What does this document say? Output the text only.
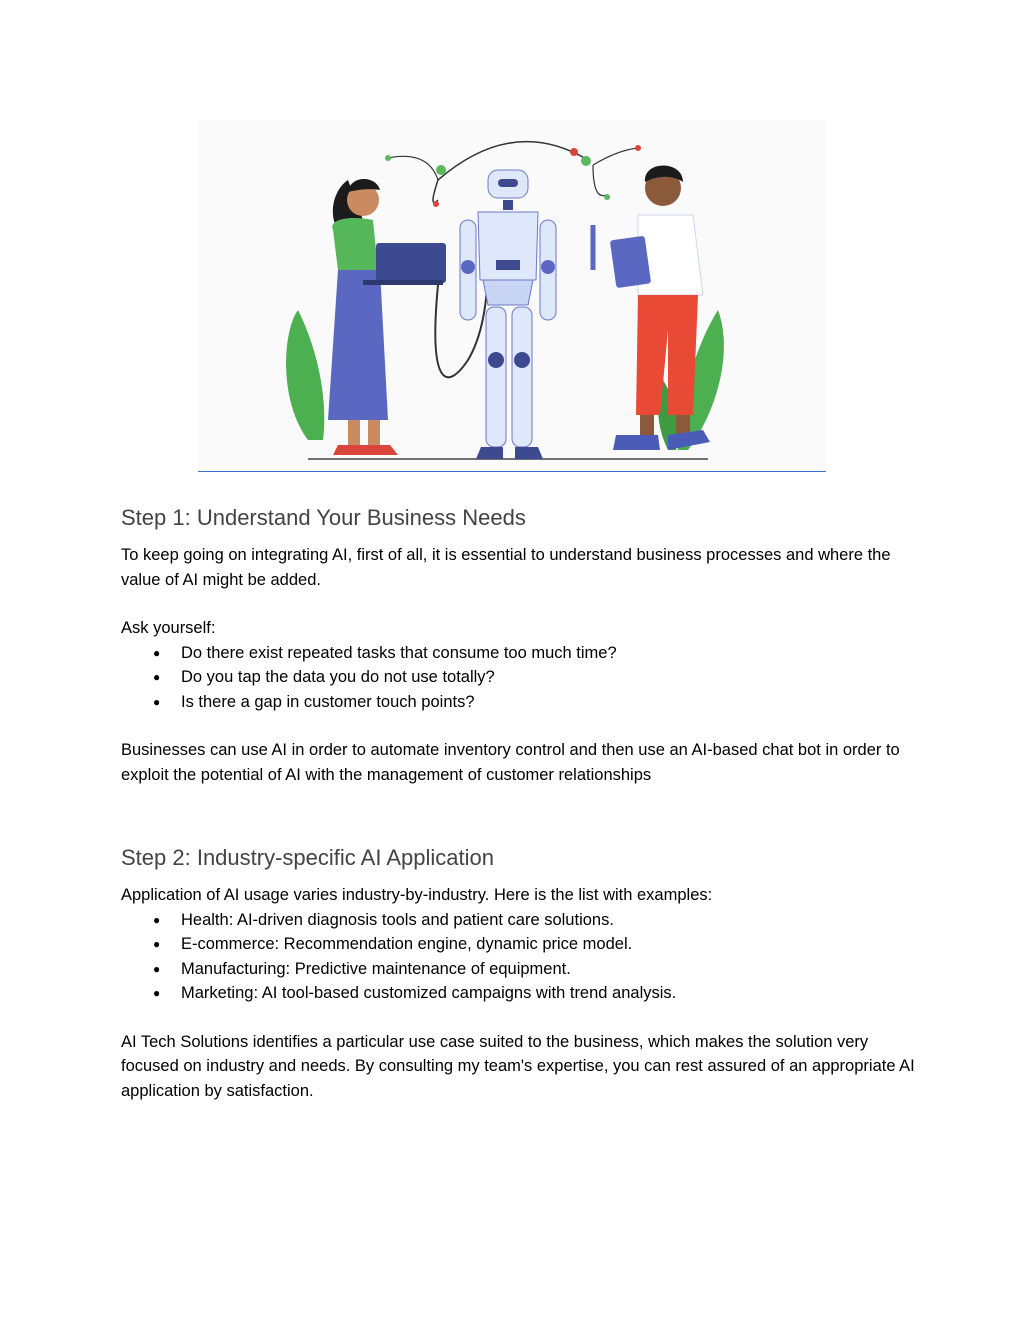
Step 1: Understand Your Business Needs

To keep going on integrating AI, first of all, it is essential to understand business processes and where the value of AI might be added.

Ask yourself:

● Do there exist repeated tasks that consume too much time?
● Do you tap the data you do not use totally?
● Is there a gap in customer touch points?

Businesses can use AI in order to automate inventory control and then use an AI-based chat bot in order to exploit the potential of AI with the management of customer relationships

Step 2: Industry-specific AI Application

Application of AI usage varies industry-by-industry. Here is the list with examples:

● Health: AI-driven diagnosis tools and patient care solutions.
● E-commerce: Recommendation engine, dynamic price model.
● Manufacturing: Predictive maintenance of equipment.
● Marketing: AI tool-based customized campaigns with trend analysis.

AI Tech Solutions identifies a particular use case suited to the business, which makes the solution very focused on industry and needs. By consulting my team's expertise, you can rest assured of an appropriate AI application by satisfaction.
